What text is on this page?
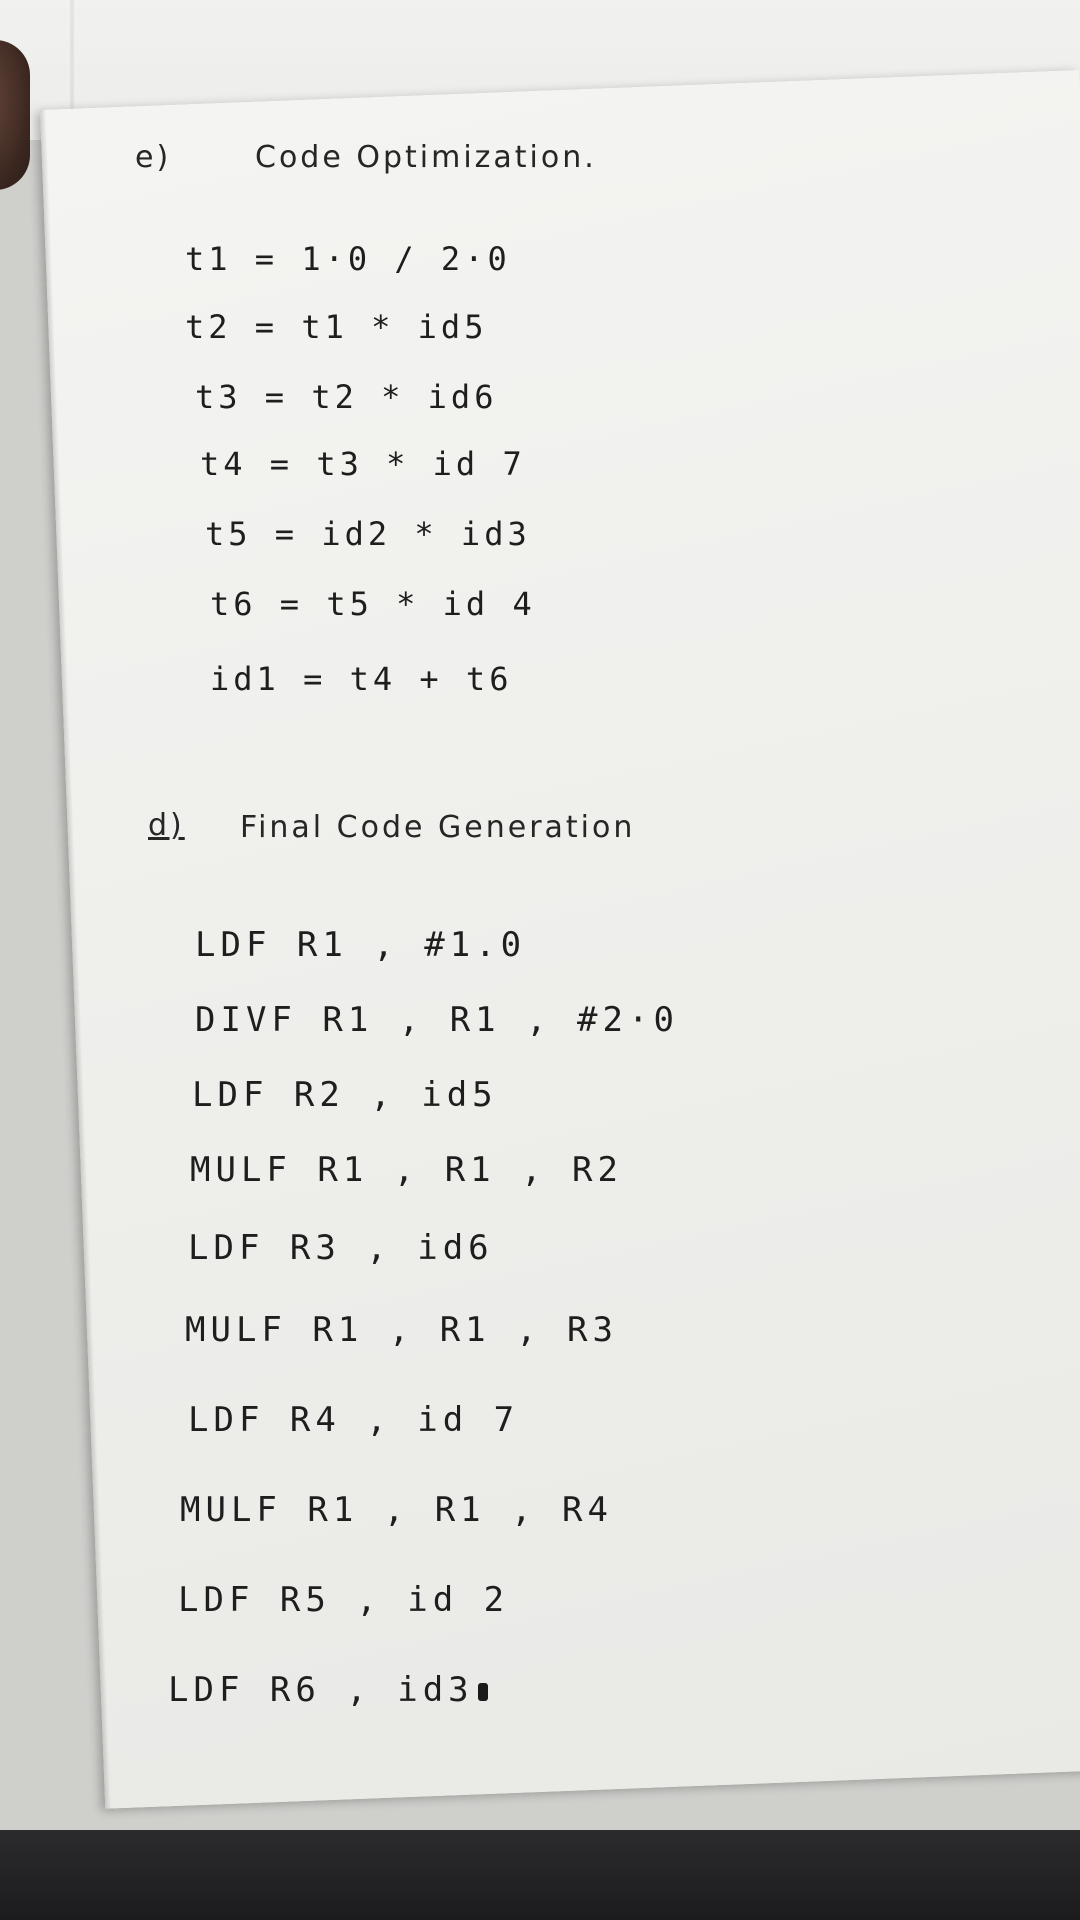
e)	Code Optimization.
t1 = 1·0 / 2·0
t2 = t1 * id5
t3 = t2 * id6
t4 = t3 * id 7
t5 = id2 * id3
t6 = t5 * id 4
id1 = t4 + t6
d) Final Code Generation
LDF R1 , #1.0
DIVF R1 , R1 , #2·0
LDF R2 , id5
MULF R1 , R1 , R2
LDF R3 , id6
MULF R1 , R1 , R3
LDF R4 , id 7
MULF R1 , R1 , R4
LDF R5 , id 2
LDF R6 , id3
